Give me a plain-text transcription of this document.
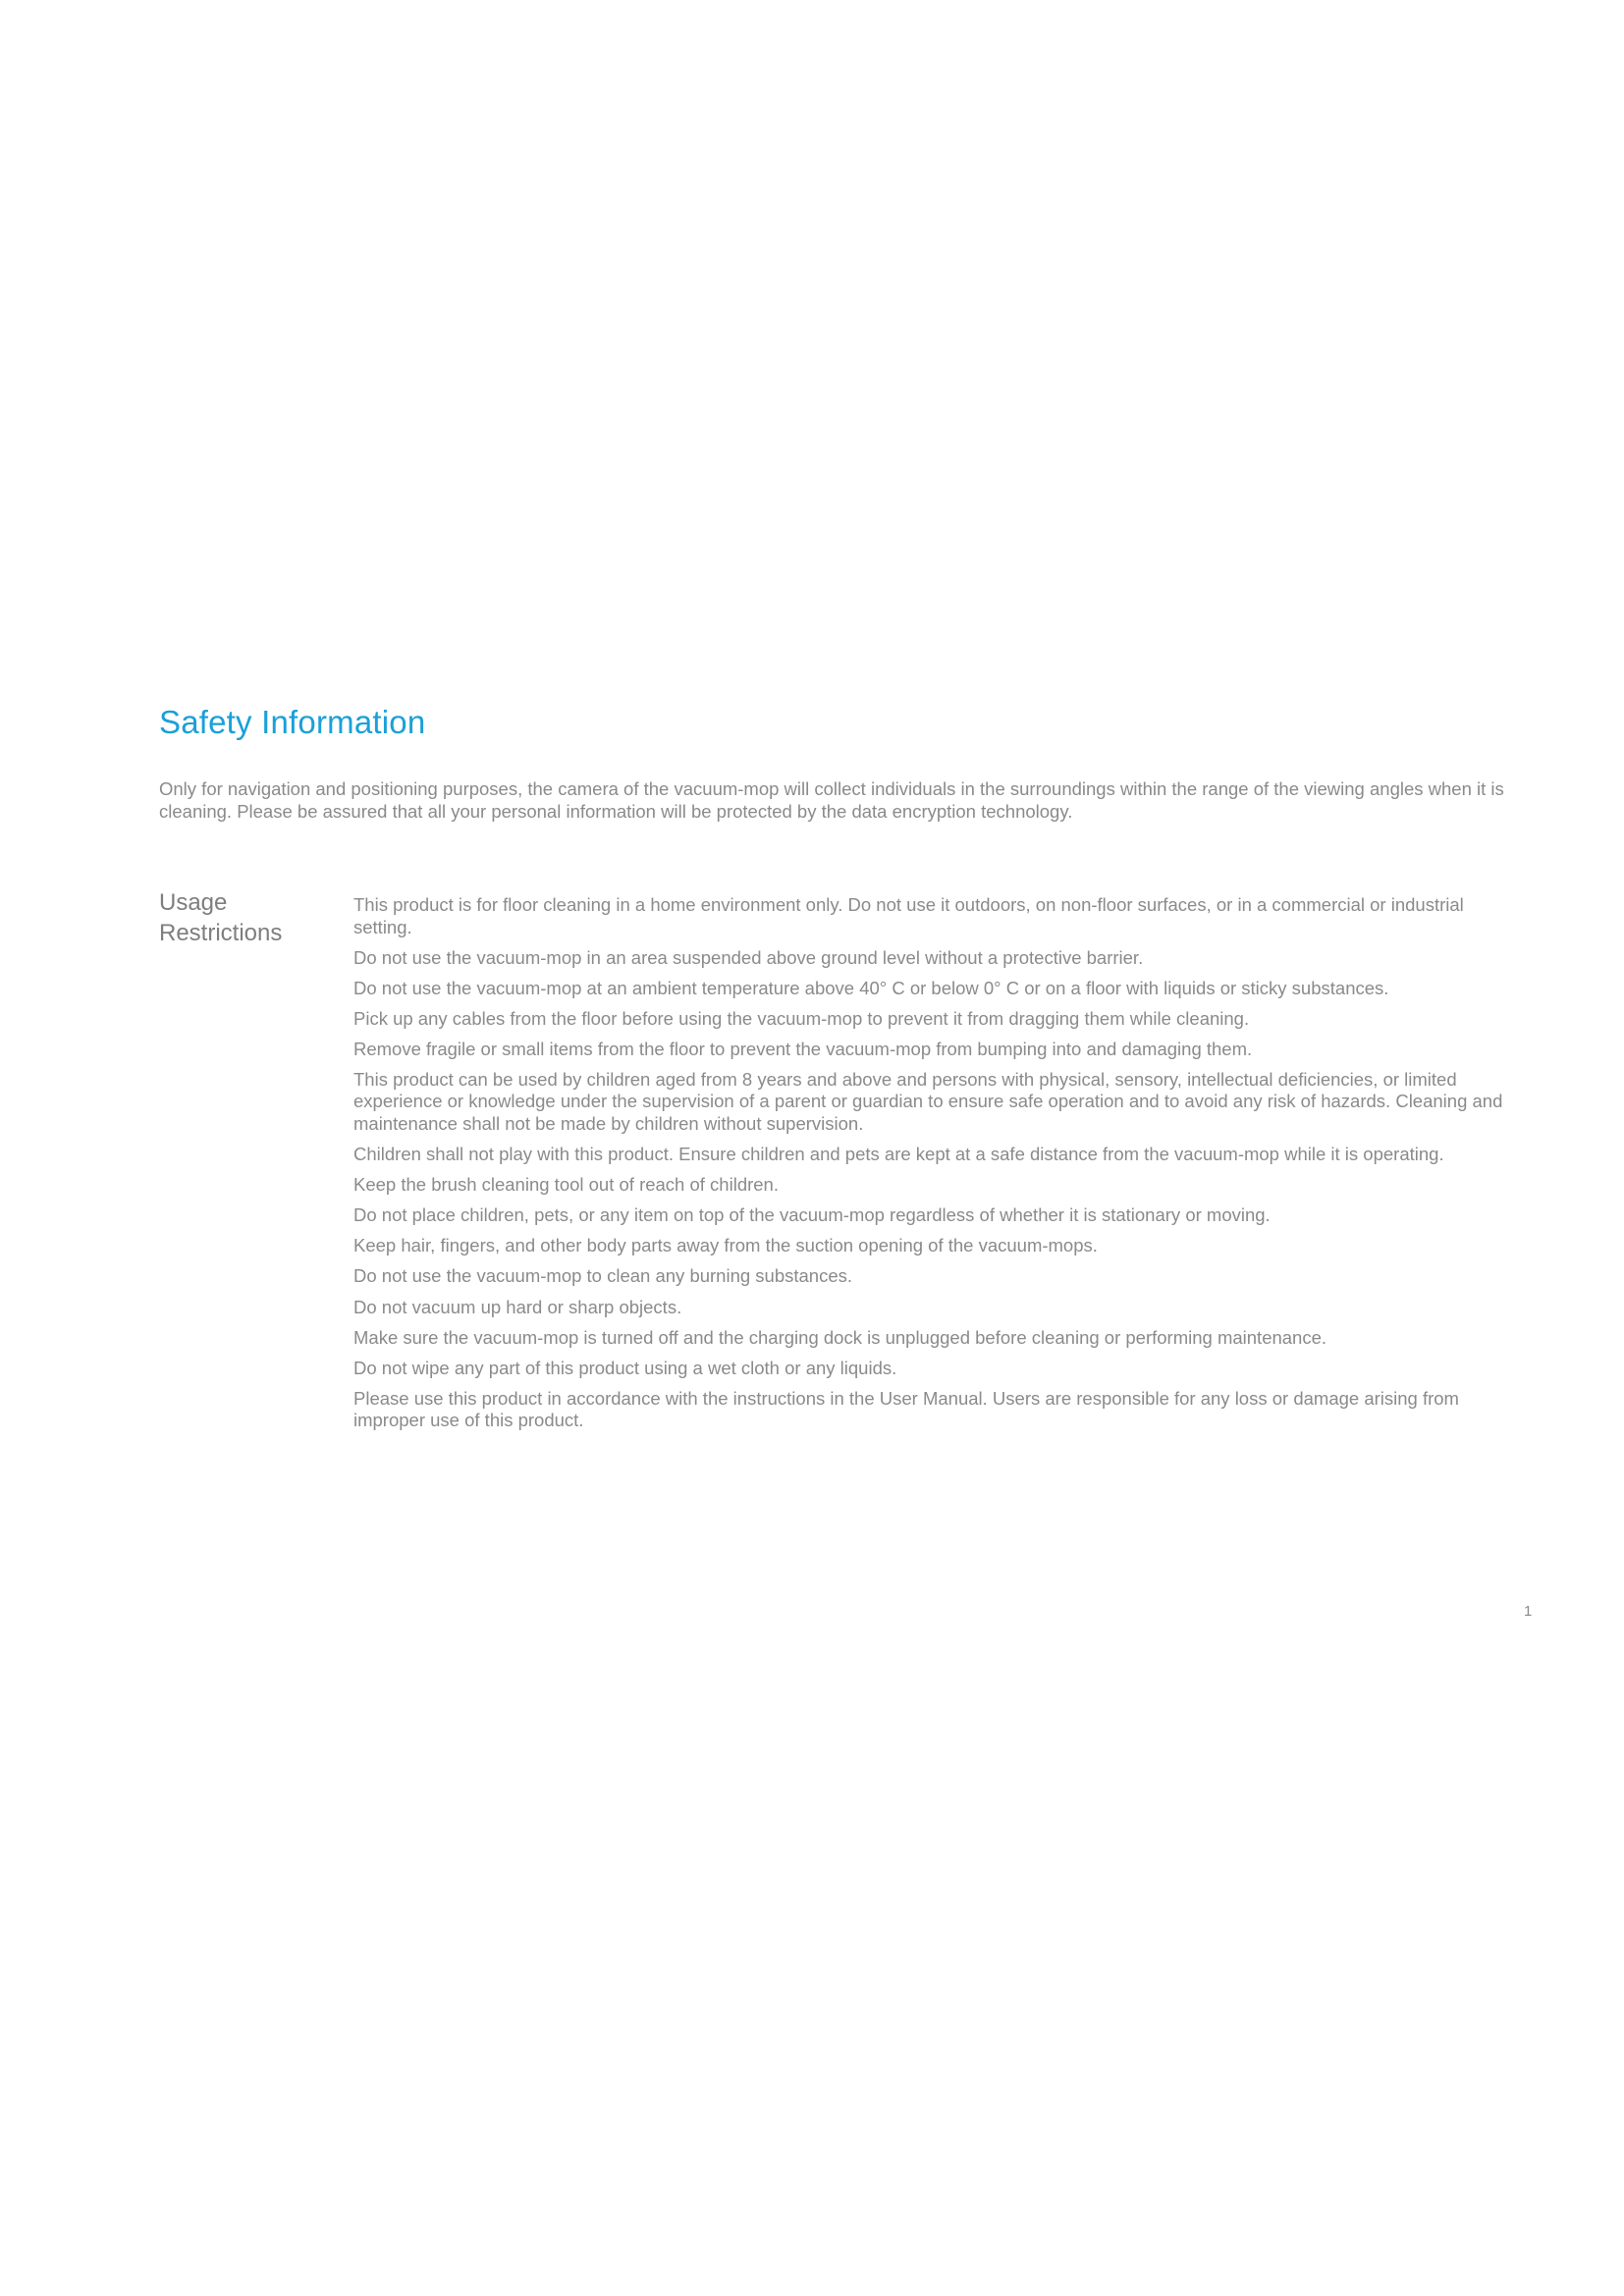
Safety Information

Only for navigation and positioning purposes, the camera of the vacuum-mop will collect individuals in the surroundings within the range of the viewing angles when it is cleaning. Please be assured that all your personal information will be protected by the data encryption technology.

Usage Restrictions
This product is for floor cleaning in a home environment only. Do not use it outdoors, on non-floor surfaces, or in a commercial or industrial setting.
Do not use the vacuum-mop in an area suspended above ground level without a protective barrier.
Do not use the vacuum-mop at an ambient temperature above 40° C or below 0° C or on a floor with liquids or sticky substances.
Pick up any cables from the floor before using the vacuum-mop to prevent it from dragging them while cleaning.
Remove fragile or small items from the floor to prevent the vacuum-mop from bumping into and damaging them.
This product can be used by children aged from 8 years and above and persons with physical, sensory, intellectual deficiencies, or limited experience or knowledge under the supervision of a parent or guardian to ensure safe operation and to avoid any risk of hazards. Cleaning and maintenance shall not be made by children without supervision.
Children shall not play with this product. Ensure children and pets are kept at a safe distance from the vacuum-mop while it is operating.
Keep the brush cleaning tool out of reach of children.
Do not place children, pets, or any item on top of the vacuum-mop regardless of whether it is stationary or moving.
Keep hair, fingers, and other body parts away from the suction opening of the vacuum-mops.
Do not use the vacuum-mop to clean any burning substances.
Do not vacuum up hard or sharp objects.
Make sure the vacuum-mop is turned off and the charging dock is unplugged before cleaning or performing maintenance.
Do not wipe any part of this product using a wet cloth or any liquids.
Please use this product in accordance with the instructions in the User Manual. Users are responsible for any loss or damage arising from improper use of this product.
1
